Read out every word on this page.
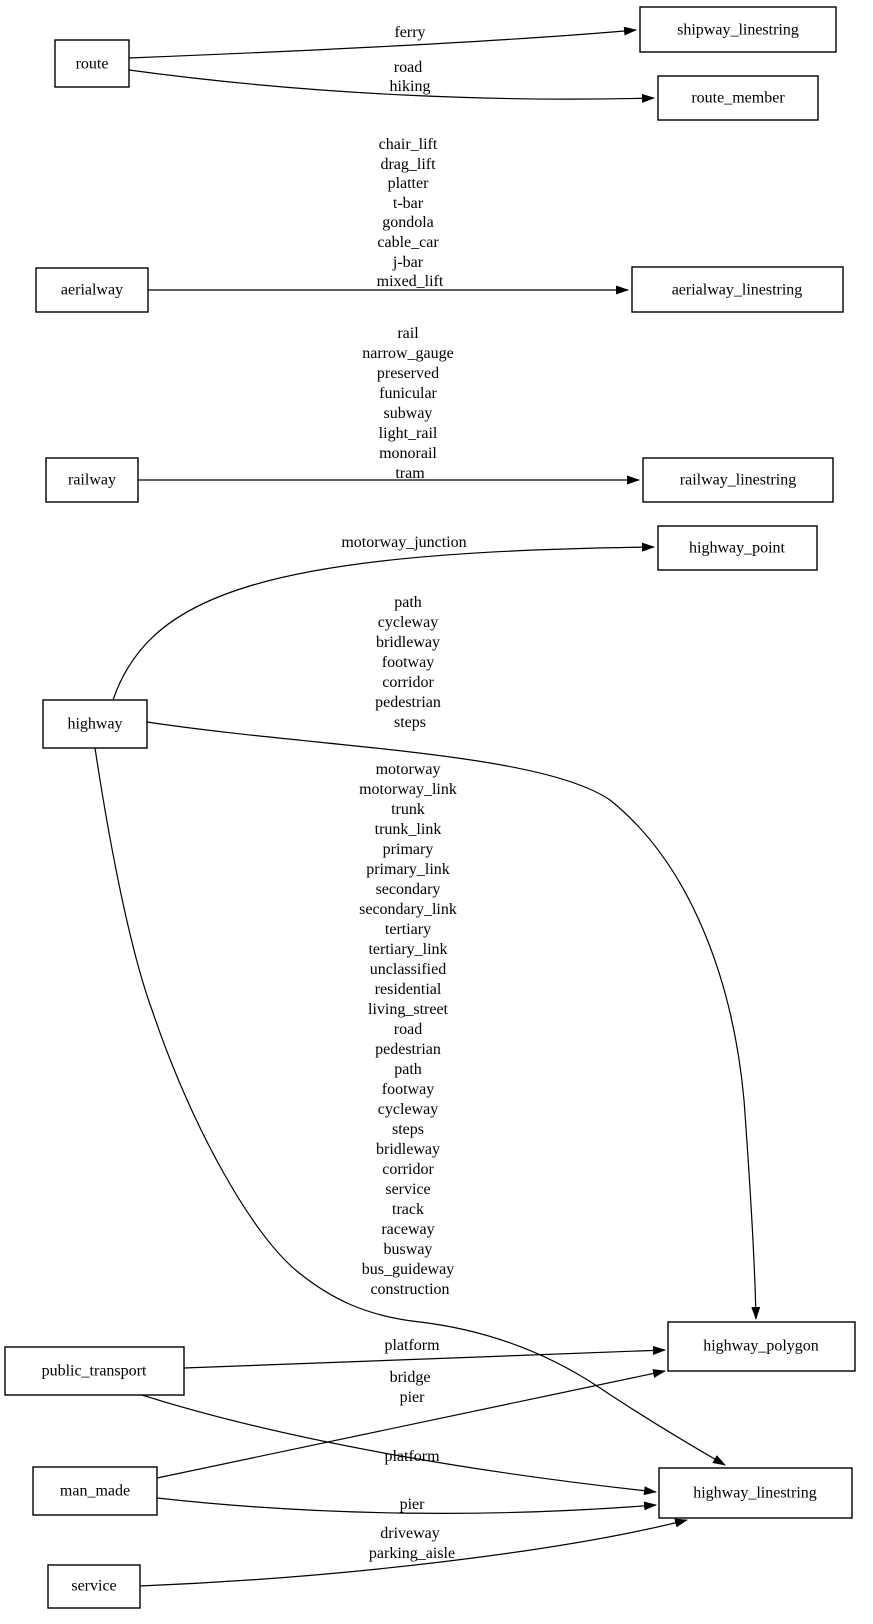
ferry
road hiking
chair_lift drag_lift platter t-bar gondola cable_car j-bar mixed_lift
rail narrow_gauge preserved funicular subway light_rail monorail tram
motorway_junction
path cycleway bridleway footway corridor pedestrian steps
motorway motorway_link trunk trunk_link primary primary_link secondary secondary_link tertiary tertiary_link unclassified residential living_street road pedestrian path footway cycleway steps bridleway corridor service track raceway busway bus_guideway construction
platform
bridge pier
platform
pier
driveway parking_aisle
route
shipway_linestring
route_member
aerialway	aerialway_linestring
railway	railway_linestring
highway
highway_point
highway_polygon
public_transport
highway_linestring
man_made
service
